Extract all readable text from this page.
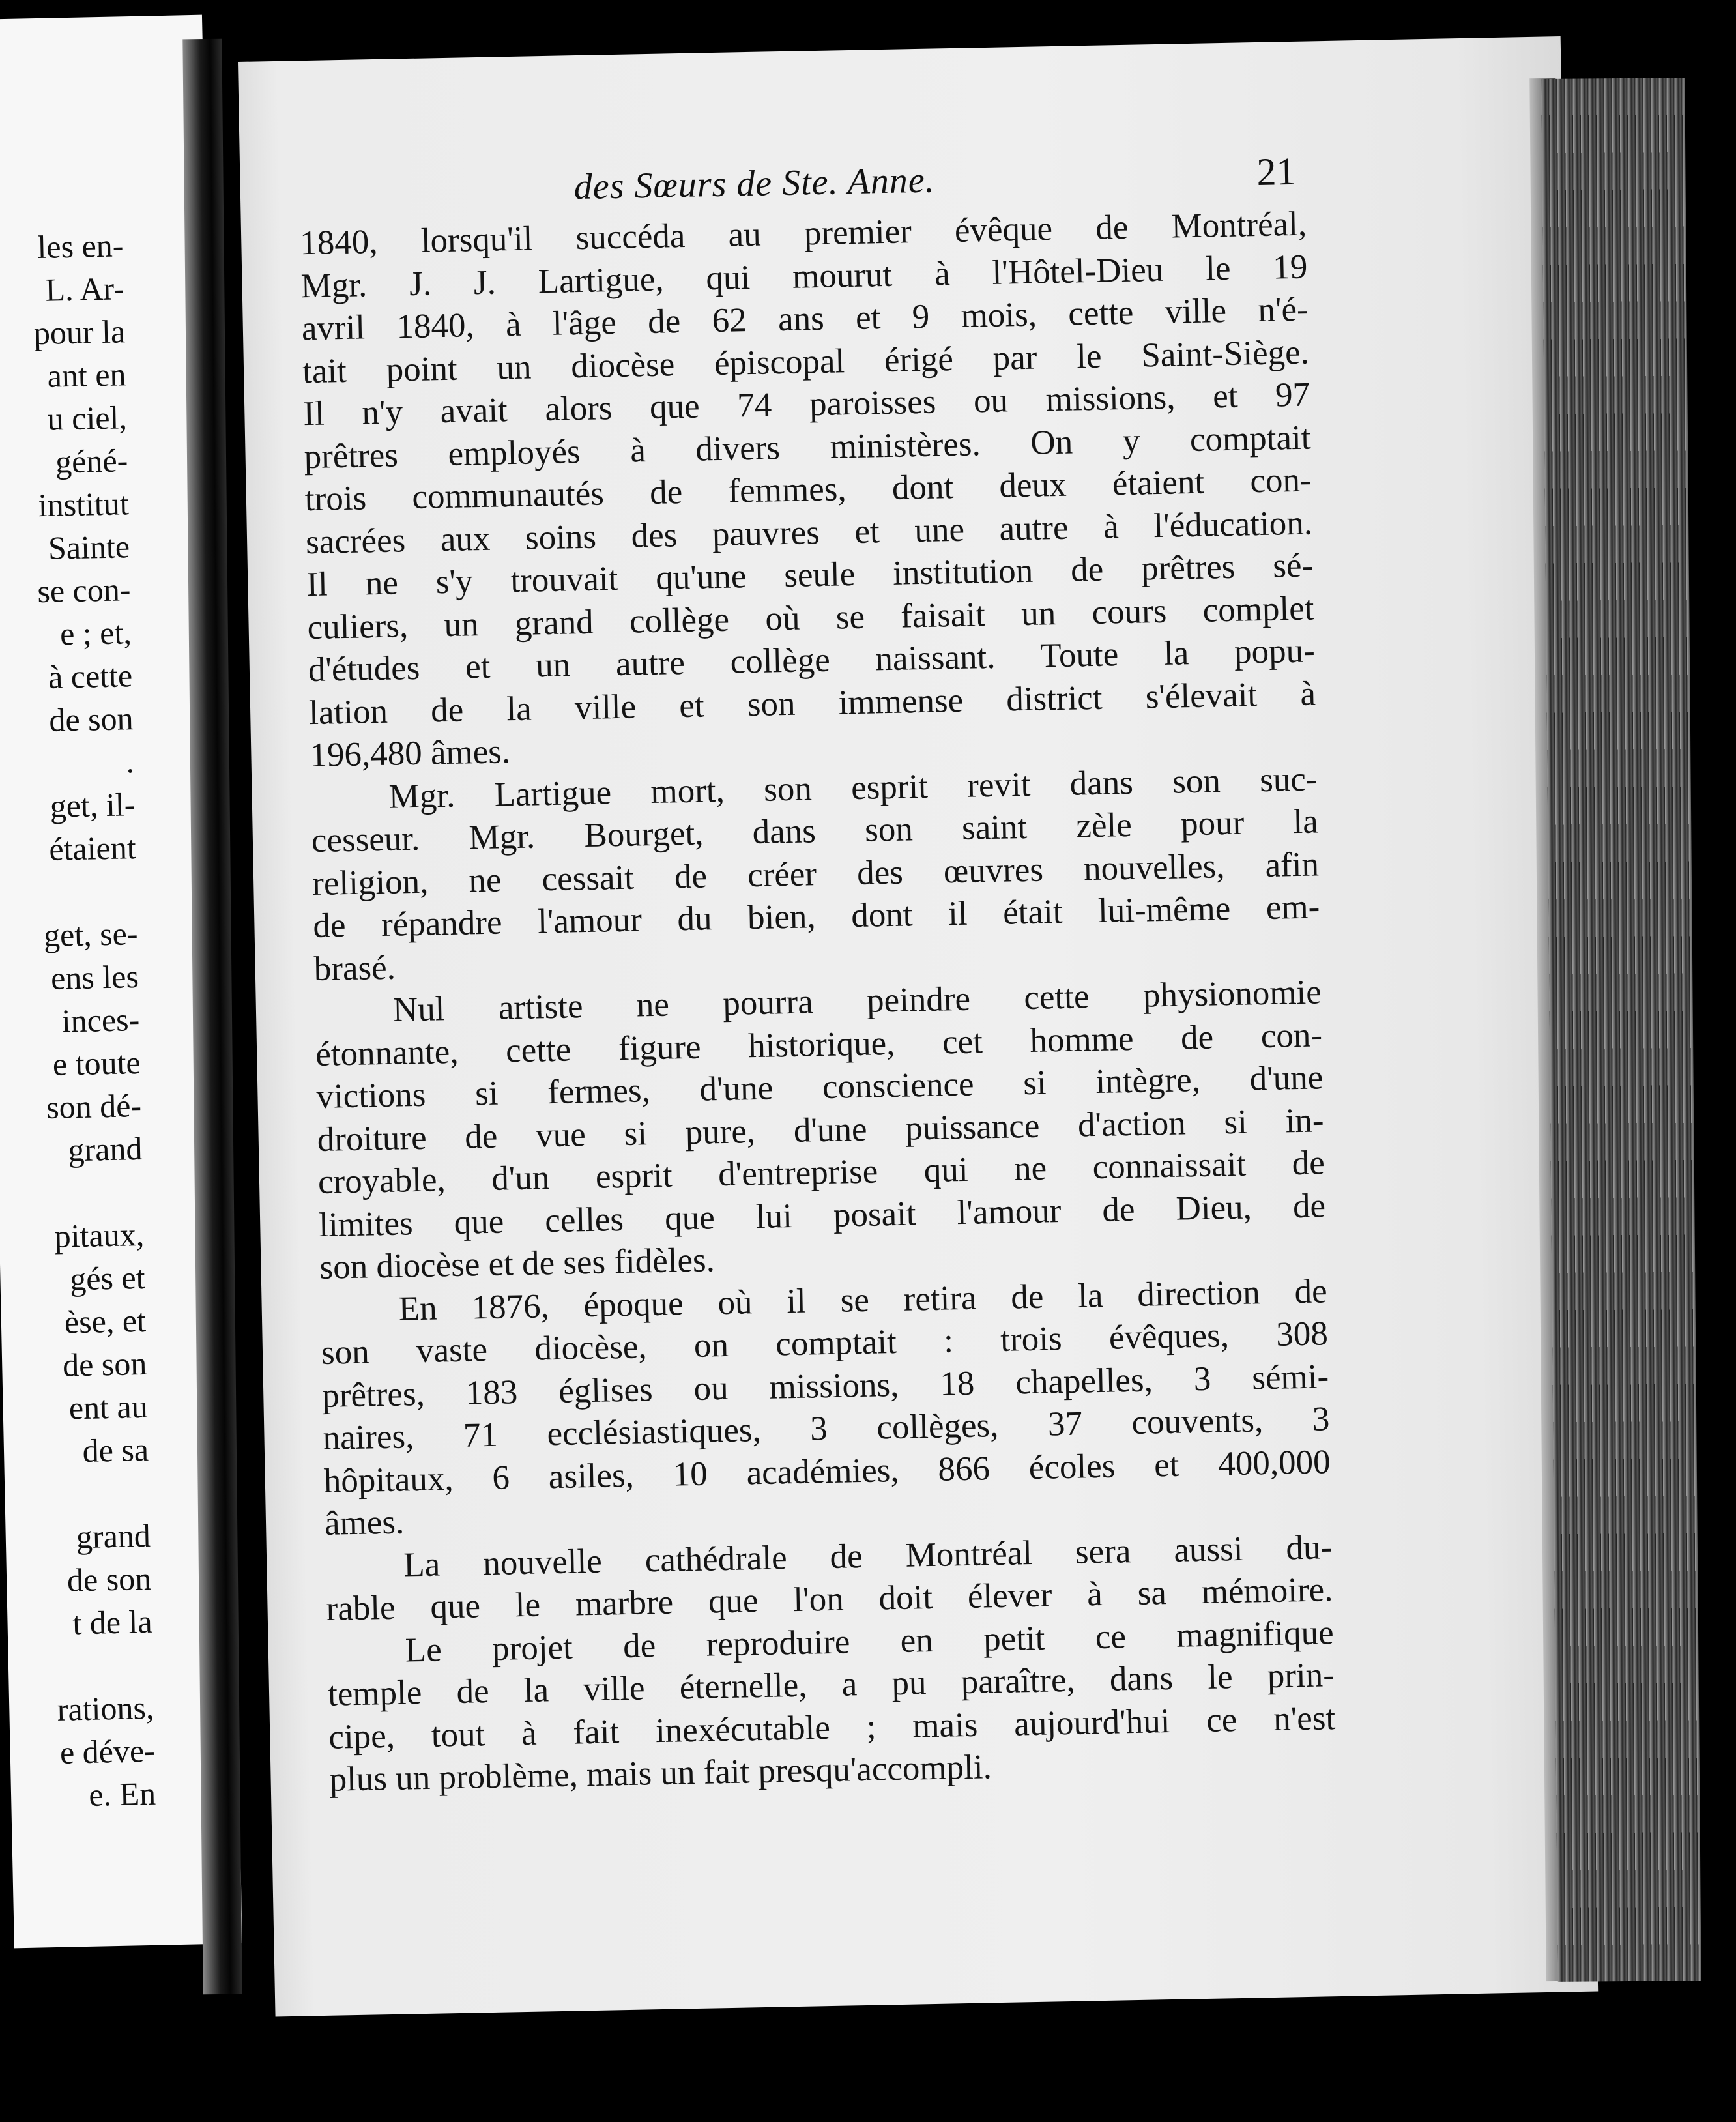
les en-
L. Ar-
pour la
ant en
u ciel,
géné-
institut
Sainte
se con-
e ; et,
à cette
de son
.
get, il-
étaient
get, se-
ens les
inces-
e toute
son dé-
grand
pitaux,
gés et
èse, et
de son
ent au
de sa
grand
de son
t de la
rations,
e déve-
e. En
des Sœurs de Ste. Anne.	21
1840, lorsqu'il succéda au premier évêque de Montréal,
Mgr. J. J. Lartigue, qui mourut à l'Hôtel-Dieu le 19
avril 1840, à l'âge de 62 ans et 9 mois, cette ville n'é-
tait point un diocèse épiscopal érigé par le Saint-Siège.
Il n'y avait alors que 74 paroisses ou missions, et 97
prêtres employés à divers ministères. On y comptait
trois communautés de femmes, dont deux étaient con-
sacrées aux soins des pauvres et une autre à l'éducation.
Il ne s'y trouvait qu'une seule institution de prêtres sé-
culiers, un grand collège où se faisait un cours complet
d'études et un autre collège naissant. Toute la popu-
lation de la ville et son immense district s'élevait à
196,480 âmes.
Mgr. Lartigue mort, son esprit revit dans son suc-
cesseur. Mgr. Bourget, dans son saint zèle pour la
religion, ne cessait de créer des œuvres nouvelles, afin
de répandre l'amour du bien, dont il était lui-même em-
brasé.
Nul artiste ne pourra peindre cette physionomie
étonnante, cette figure historique, cet homme de con-
victions si fermes, d'une conscience si intègre, d'une
droiture de vue si pure, d'une puissance d'action si in-
croyable, d'un esprit d'entreprise qui ne connaissait de
limites que celles que lui posait l'amour de Dieu, de
son diocèse et de ses fidèles.
En 1876, époque où il se retira de la direction de
son vaste diocèse, on comptait : trois évêques, 308
prêtres, 183 églises ou missions, 18 chapelles, 3 sémi-
naires, 71 ecclésiastiques, 3 collèges, 37 couvents, 3
hôpitaux, 6 asiles, 10 académies, 866 écoles et 400,000
âmes.
La nouvelle cathédrale de Montréal sera aussi du-
rable que le marbre que l'on doit élever à sa mémoire.
Le projet de reproduire en petit ce magnifique
temple de la ville éternelle, a pu paraître, dans le prin-
cipe, tout à fait inexécutable ; mais aujourd'hui ce n'est
plus un problème, mais un fait presqu'accompli.
